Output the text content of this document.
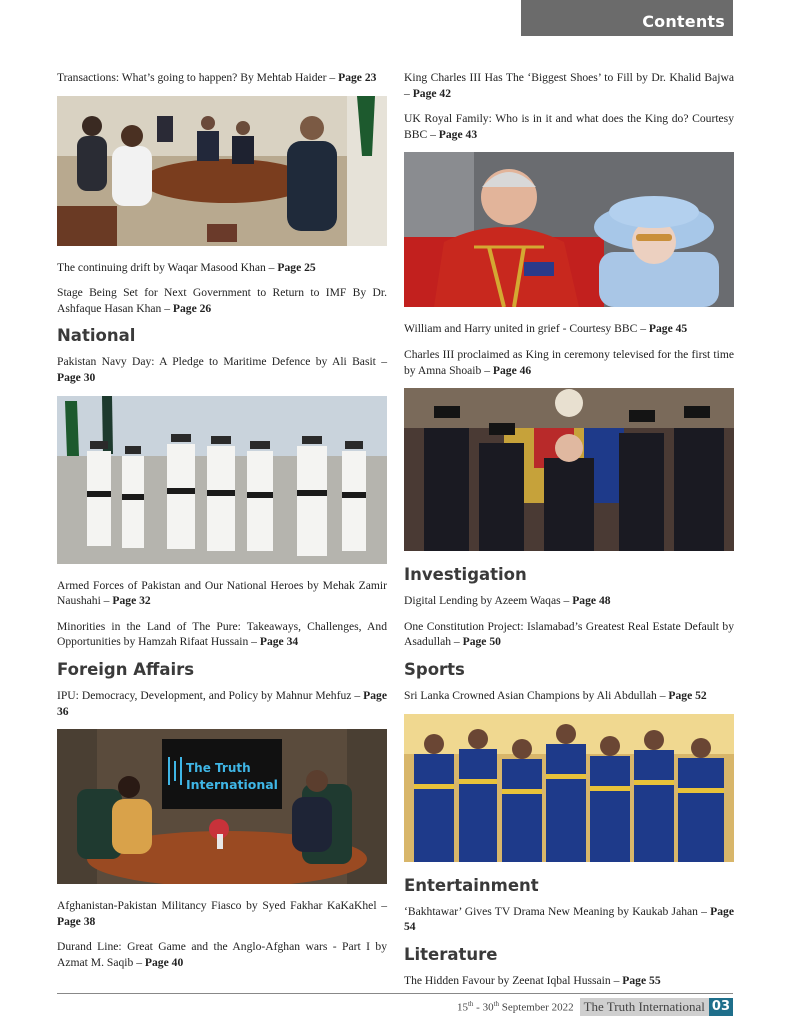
Contents
Transactions: What’s going to happen? By Mehtab Haider – Page 23
The continuing drift by Waqar Masood Khan – Page 25
Stage Being Set for Next Government to Return to IMF By Dr. Ashfaque Hasan Khan – Page 26
National
Pakistan Navy Day: A Pledge to Maritime Defence by Ali Basit – Page 30
Armed Forces of Pakistan and Our National Heroes by Mehak Zamir Naushahi – Page 32
Minorities in the Land of The Pure: Takeaways, Challenges, And Opportunities by Hamzah Rifaat Hussain – Page 34
Foreign Affairs
IPU: Democracy, Development, and Policy by Mahnur Mehfuz – Page 36
The Truth
International
Afghanistan-Pakistan Militancy Fiasco by Syed Fakhar KaKaKhel – Page 38
Durand Line: Great Game and the Anglo-Afghan wars - Part I by Azmat M. Saqib – Page 40
King Charles III Has The ‘Biggest Shoes’ to Fill by Dr. Khalid Bajwa – Page 42
UK Royal Family: Who is in it and what does the King do? Courtesy BBC – Page 43
William and Harry united in grief - Courtesy BBC – Page 45
Charles III proclaimed as King in ceremony televised for the first time by Amna Shoaib – Page 46
Investigation
Digital Lending by Azeem Waqas – Page 48
One Constitution Project: Islamabad’s Greatest Real Estate Default by Asadullah – Page 50
Sports
Sri Lanka Crowned Asian Champions by Ali Abdullah – Page 52
Entertainment
‘Bakhtawar’ Gives TV Drama New Meaning by Kaukab Jahan – Page 54
Literature
The Hidden Favour by Zeenat Iqbal Hussain – Page 55
15th - 30th September 2022 The Truth International 03
